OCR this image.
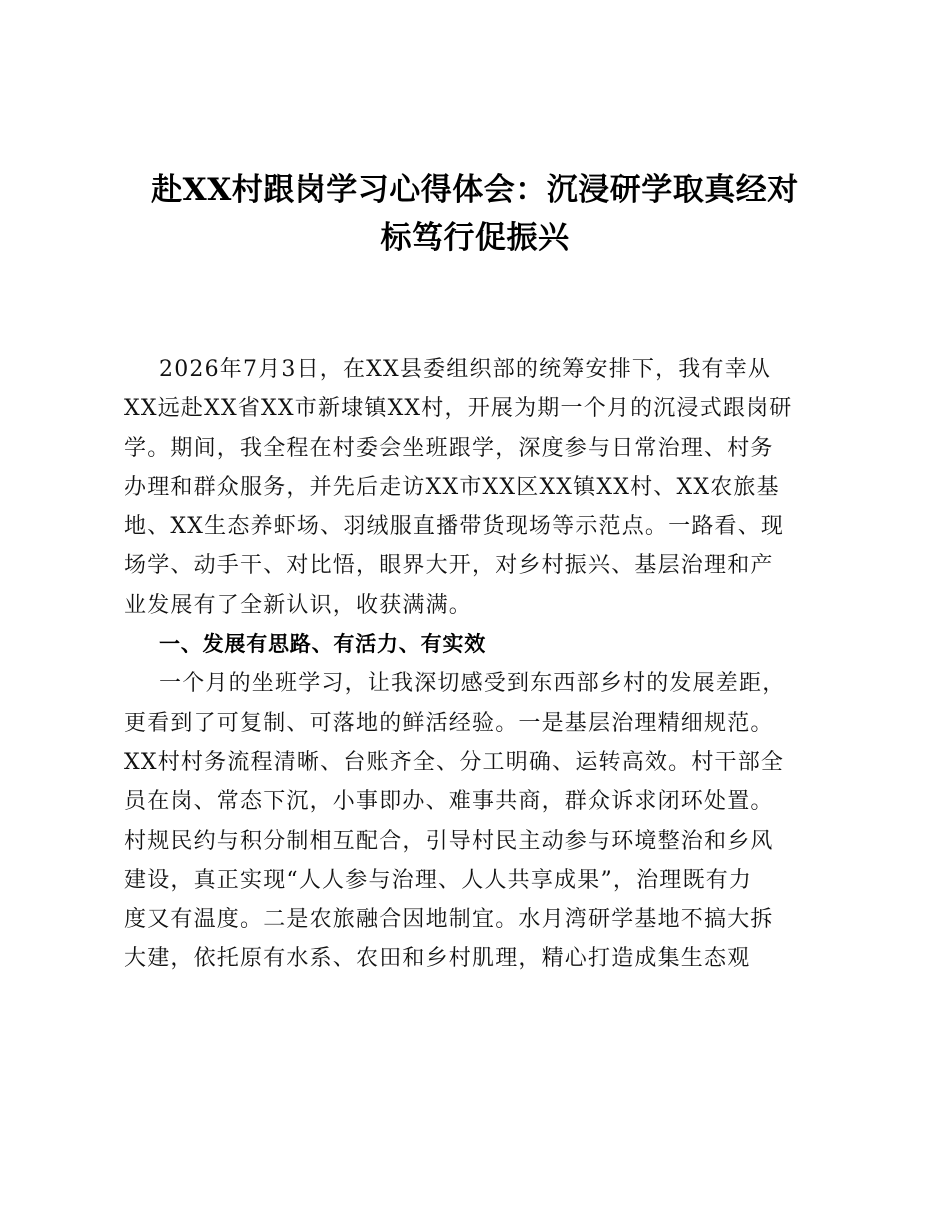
赴XX村跟岗学习心得体会：沉浸研学取真经对
标笃行促振兴
2026年7月3日，在XX县委组织部的统筹安排下，我有幸从
XX远赴XX省XX市新埭镇XX村，开展为期一个月的沉浸式跟岗研
学。期间，我全程在村委会坐班跟学，深度参与日常治理、村务
办理和群众服务，并先后走访XX市XX区XX镇XX村、XX农旅基
地、XX生态养虾场、羽绒服直播带货现场等示范点。一路看、现
场学、动手干、对比悟，眼界大开，对乡村振兴、基层治理和产
业发展有了全新认识，收获满满。
一、发展有思路、有活力、有实效
一个月的坐班学习，让我深切感受到东西部乡村的发展差距，
更看到了可复制、可落地的鲜活经验。一是基层治理精细规范。
XX村村务流程清晰、台账齐全、分工明确、运转高效。村干部全
员在岗、常态下沉，小事即办、难事共商，群众诉求闭环处置。
村规民约与积分制相互配合，引导村民主动参与环境整治和乡风
建设，真正实现“人人参与治理、人人共享成果”，治理既有力
度又有温度。二是农旅融合因地制宜。水月湾研学基地不搞大拆
大建，依托原有水系、农田和乡村肌理，精心打造成集生态观
